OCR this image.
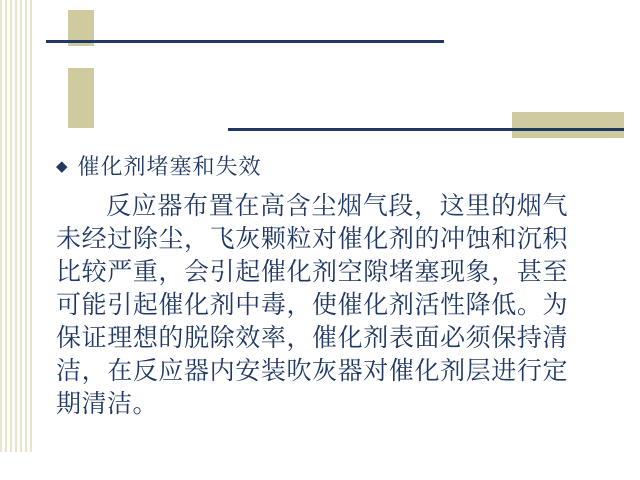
◆ 催化剂堵塞和失效

反应器布置在高含尘烟气段，这里的烟气未经过除尘，飞灰颗粒对催化剂的冲蚀和沉积比较严重，会引起催化剂空隙堵塞现象，甚至可能引起催化剂中毒，使催化剂活性降低。为保证理想的脱除效率，催化剂表面必须保持清洁，在反应器内安装吹灰器对催化剂层进行定期清洁。
